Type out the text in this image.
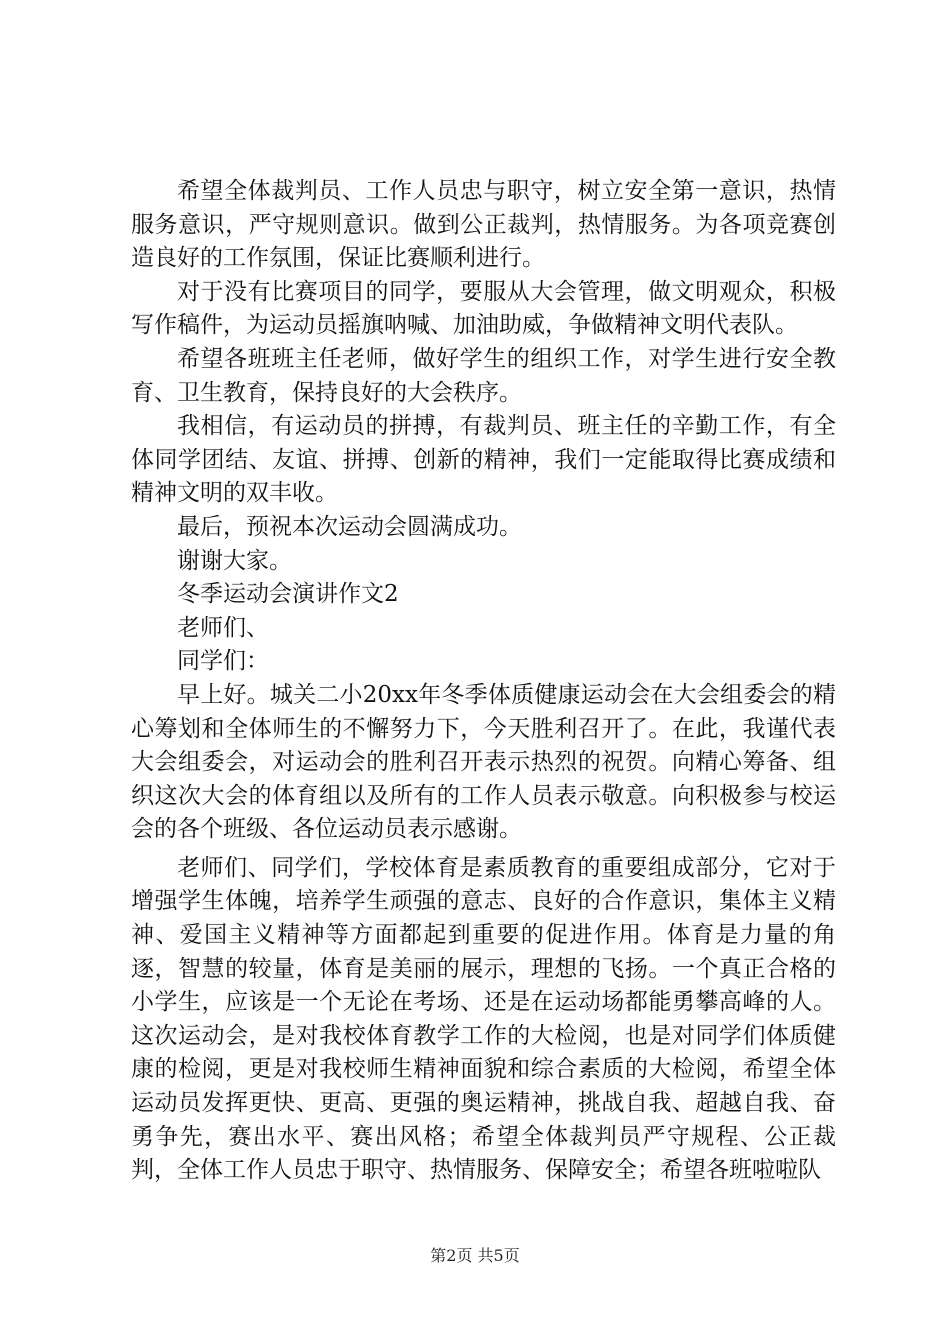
希望全体裁判员、工作人员忠与职守，树立安全第一意识，热情服务意识，严守规则意识。做到公正裁判，热情服务。为各项竞赛创造良好的工作氛围，保证比赛顺利进行。

对于没有比赛项目的同学，要服从大会管理，做文明观众，积极写作稿件，为运动员摇旗呐喊、加油助威，争做精神文明代表队。

希望各班班主任老师，做好学生的组织工作，对学生进行安全教育、卫生教育，保持良好的大会秩序。

我相信，有运动员的拼搏，有裁判员、班主任的辛勤工作，有全体同学团结、友谊、拼搏、创新的精神，我们一定能取得比赛成绩和精神文明的双丰收。

最后，预祝本次运动会圆满成功。

谢谢大家。

冬季运动会演讲作文2

老师们、

同学们：

早上好。城关二小20xx年冬季体质健康运动会在大会组委会的精心筹划和全体师生的不懈努力下，今天胜利召开了。在此，我谨代表大会组委会，对运动会的胜利召开表示热烈的祝贺。向精心筹备、组织这次大会的体育组以及所有的工作人员表示敬意。向积极参与校运会的各个班级、各位运动员表示感谢。

老师们、同学们，学校体育是素质教育的重要组成部分，它对于增强学生体魄，培养学生顽强的意志、良好的合作意识，集体主义精神、爱国主义精神等方面都起到重要的促进作用。体育是力量的角逐，智慧的较量，体育是美丽的展示，理想的飞扬。一个真正合格的小学生，应该是一个无论在考场、还是在运动场都能勇攀高峰的人。这次运动会，是对我校体育教学工作的大检阅，也是对同学们体质健康的检阅，更是对我校师生精神面貌和综合素质的大检阅，希望全体运动员发挥更快、更高、更强的奥运精神，挑战自我、超越自我、奋勇争先，赛出水平、赛出风格；希望全体裁判员严守规程、公正裁判，全体工作人员忠于职守、热情服务、保障安全；希望各班啦啦队

第2页 共5页
